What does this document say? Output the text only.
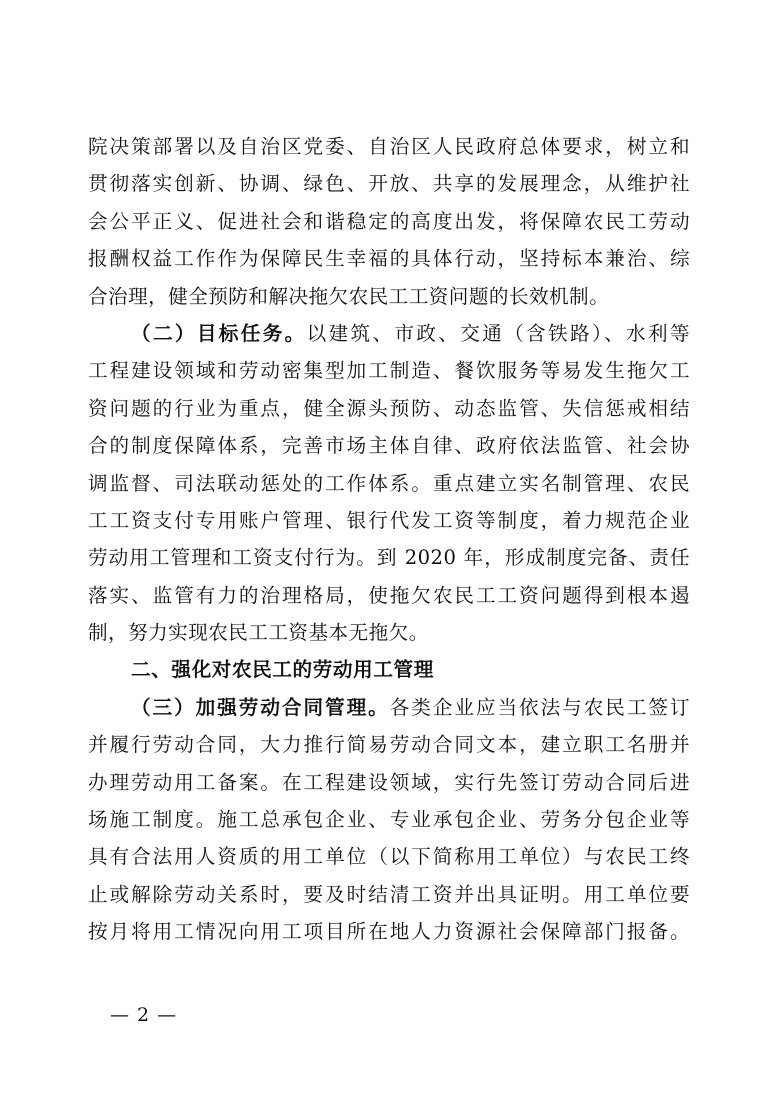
院决策部署以及自治区党委、自治区人民政府总体要求，树立和
贯彻落实创新、协调、绿色、开放、共享的发展理念，从维护社
会公平正义、促进社会和谐稳定的高度出发，将保障农民工劳动
报酬权益工作作为保障民生幸福的具体行动，坚持标本兼治、综
合治理，健全预防和解决拖欠农民工工资问题的长效机制。
（二）目标任务。以建筑、市政、交通（含铁路）、水利等
工程建设领域和劳动密集型加工制造、餐饮服务等易发生拖欠工
资问题的行业为重点，健全源头预防、动态监管、失信惩戒相结
合的制度保障体系，完善市场主体自律、政府依法监管、社会协
调监督、司法联动惩处的工作体系。重点建立实名制管理、农民
工工资支付专用账户管理、银行代发工资等制度，着力规范企业
劳动用工管理和工资支付行为。到 2020 年，形成制度完备、责任
落实、监管有力的治理格局，使拖欠农民工工资问题得到根本遏
制，努力实现农民工工资基本无拖欠。
二、强化对农民工的劳动用工管理
（三）加强劳动合同管理。各类企业应当依法与农民工签订
并履行劳动合同，大力推行简易劳动合同文本，建立职工名册并
办理劳动用工备案。在工程建设领域，实行先签订劳动合同后进
场施工制度。施工总承包企业、专业承包企业、劳务分包企业等
具有合法用人资质的用工单位（以下简称用工单位）与农民工终
止或解除劳动关系时，要及时结清工资并出具证明。用工单位要
按月将用工情况向用工项目所在地人力资源社会保障部门报备。
— 2 —
